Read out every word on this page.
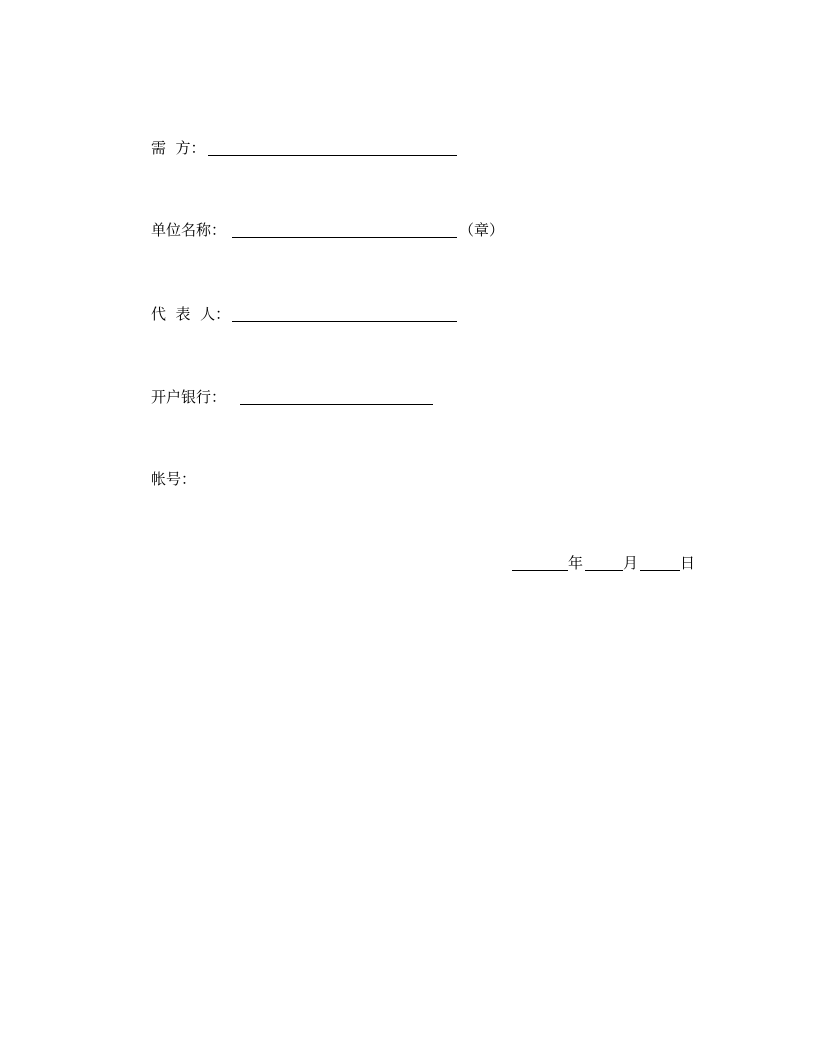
需  方：
单位名称：	（章）
代  表  人：
开户银行：
帐号：
年	月	日
